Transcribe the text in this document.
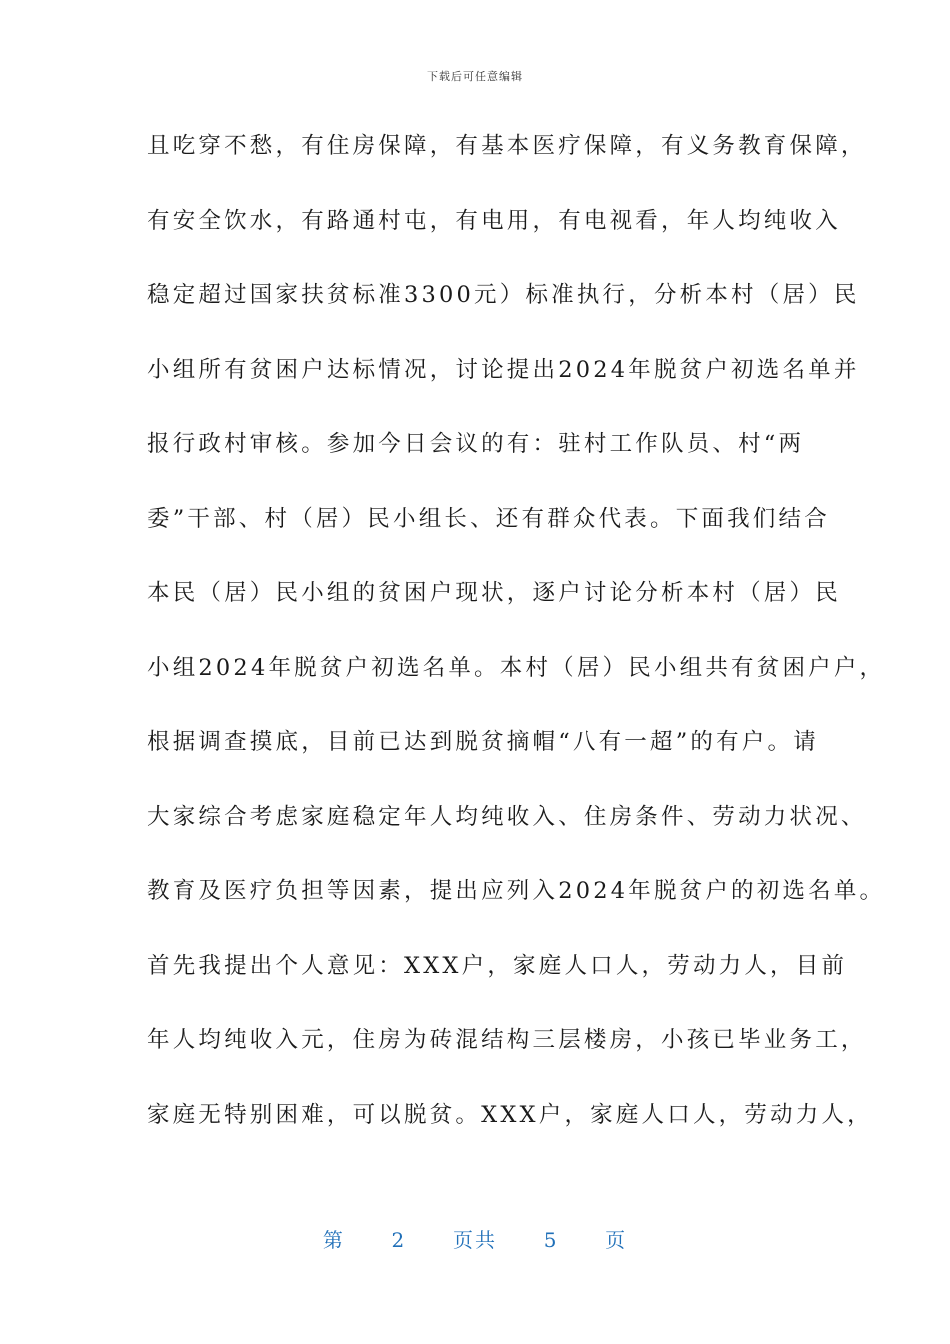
下载后可任意编辑
且吃穿不愁，有住房保障，有基本医疗保障，有义务教育保障，
有安全饮水，有路通村屯，有电用，有电视看，年人均纯收入
稳定超过国家扶贫标准3300元）标准执行，分析本村（居）民
小组所有贫困户达标情况，讨论提出2024年脱贫户初选名单并
报行政村审核。参加今日会议的有：驻村工作队员、村“两
委”干部、村（居）民小组长、还有群众代表。下面我们结合
本民（居）民小组的贫困户现状，逐户讨论分析本村（居）民
小组2024年脱贫户初选名单。本村（居）民小组共有贫困户户，
根据调查摸底，目前已达到脱贫摘帽“八有一超”的有户。请
大家综合考虑家庭稳定年人均纯收入、住房条件、劳动力状况、
教育及医疗负担等因素，提出应列入2024年脱贫户的初选名单。
首先我提出个人意见：XXX户，家庭人口人，劳动力人，目前
年人均纯收入元，住房为砖混结构三层楼房，小孩已毕业务工，
家庭无特别困难，可以脱贫。XXX户，家庭人口人，劳动力人，
第 2 页共 5 页
